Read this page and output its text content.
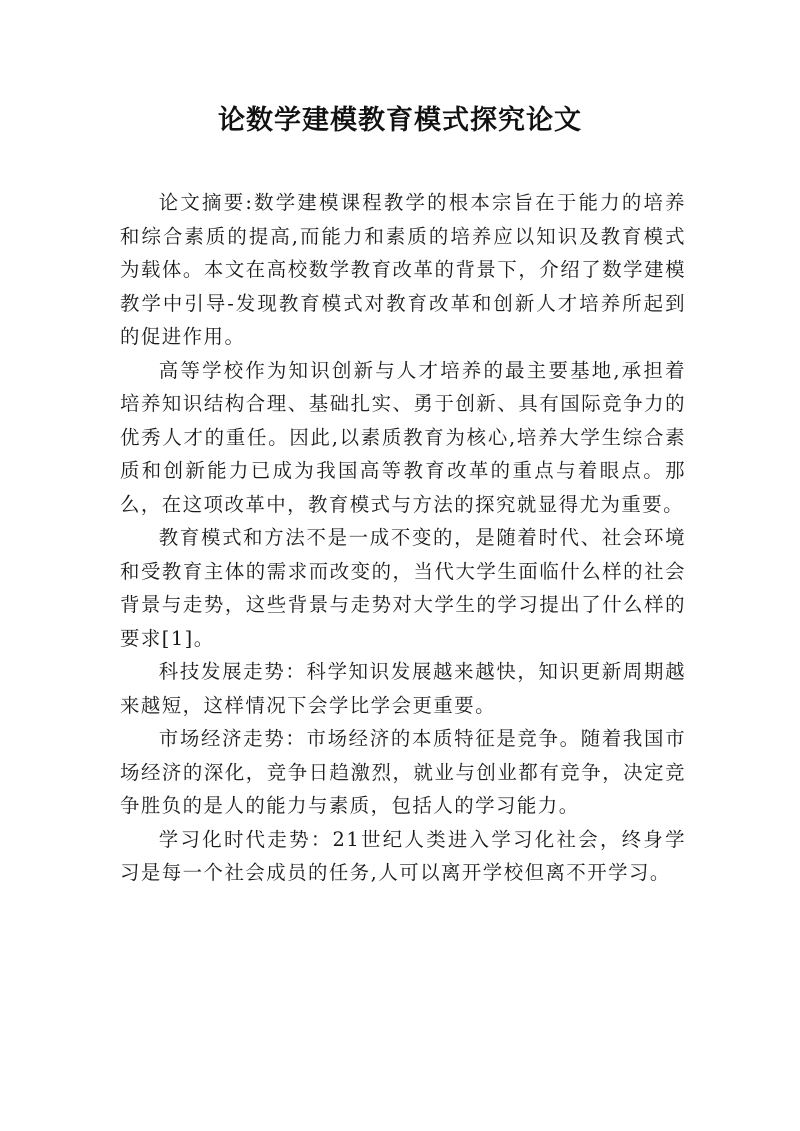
论数学建模教育模式探究论文

论文摘要:数学建模课程教学的根本宗旨在于能力的培养和综合素质的提高,而能力和素质的培养应以知识及教育模式为载体。本文在高校数学教育改革的背景下，介绍了数学建模教学中引导-发现教育模式对教育改革和创新人才培养所起到的促进作用。

高等学校作为知识创新与人才培养的最主要基地,承担着培养知识结构合理、基础扎实、勇于创新、具有国际竞争力的优秀人才的重任。因此,以素质教育为核心,培养大学生综合素质和创新能力已成为我国高等教育改革的重点与着眼点。那么，在这项改革中，教育模式与方法的探究就显得尤为重要。

教育模式和方法不是一成不变的，是随着时代、社会环境和受教育主体的需求而改变的，当代大学生面临什么样的社会背景与走势，这些背景与走势对大学生的学习提出了什么样的要求[1]。

科技发展走势：科学知识发展越来越快，知识更新周期越来越短，这样情况下会学比学会更重要。

市场经济走势：市场经济的本质特征是竞争。随着我国市场经济的深化，竞争日趋激烈，就业与创业都有竞争，决定竞争胜负的是人的能力与素质，包括人的学习能力。

学习化时代走势：21世纪人类进入学习化社会，终身学习是每一个社会成员的任务,人可以离开学校但离不开学习。
